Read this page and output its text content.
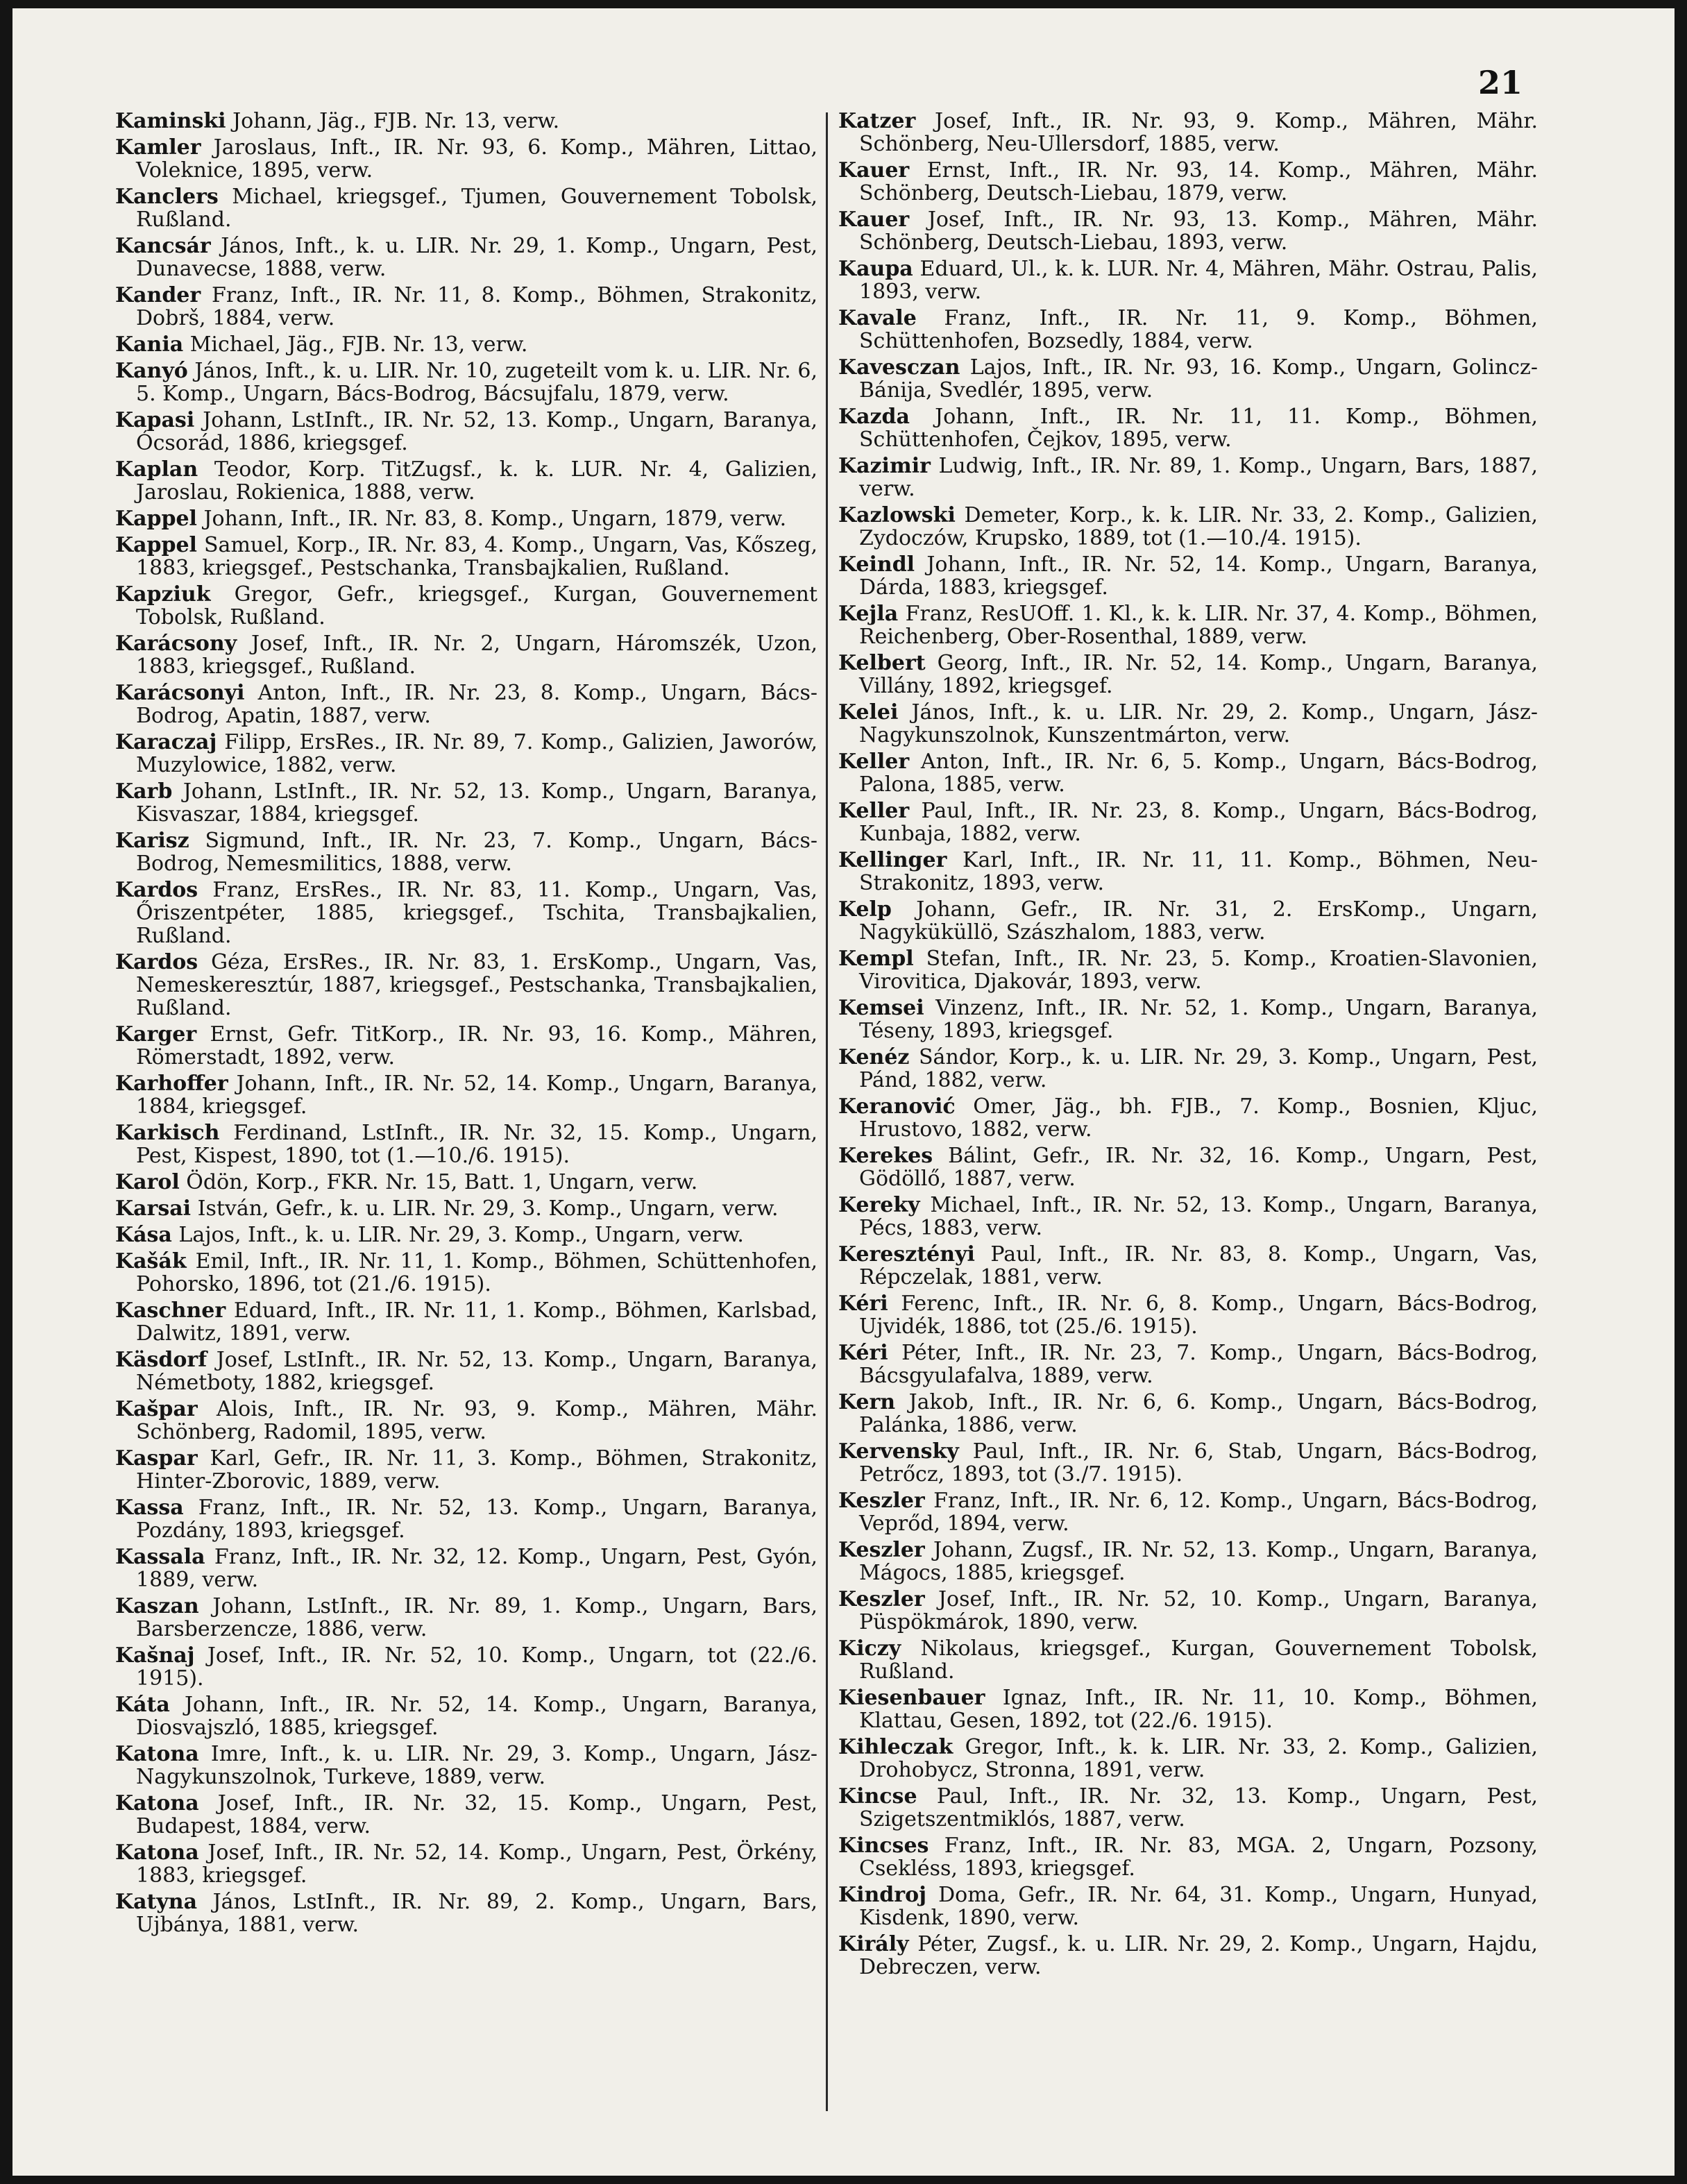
21

Kaminski Johann, Jäg., FJB. Nr. 13, verw.

Kamler Jaroslaus, Inft., IR. Nr. 93, 6. Komp., Mähren, Littao, Voleknice, 1895, verw.

Kanclers Michael, kriegsgef., Tjumen, Gouvernement Tobolsk, Rußland.

Kancsár János, Inft., k. u. LIR. Nr. 29, 1. Komp., Ungarn, Pest, Dunavecse, 1888, verw.

Kander Franz, Inft., IR. Nr. 11, 8. Komp., Böhmen, Strakonitz, Dobrš, 1884, verw.

Kania Michael, Jäg., FJB. Nr. 13, verw.

Kanyó János, Inft., k. u. LIR. Nr. 10, zugeteilt vom k. u. LIR. Nr. 6, 5. Komp., Ungarn, Bács-Bodrog, Bácsujfalu, 1879, verw.

Kapasi Johann, LstInft., IR. Nr. 52, 13. Komp., Ungarn, Baranya, Ócsorád, 1886, kriegsgef.

Kaplan Teodor, Korp. TitZugsf., k. k. LUR. Nr. 4, Galizien, Jaroslau, Rokienica, 1888, verw.

Kappel Johann, Inft., IR. Nr. 83, 8. Komp., Ungarn, 1879, verw.

Kappel Samuel, Korp., IR. Nr. 83, 4. Komp., Ungarn, Vas, Kőszeg, 1883, kriegsgef., Pestschanka, Transbajkalien, Rußland.

Kapziuk Gregor, Gefr., kriegsgef., Kurgan, Gouvernement Tobolsk, Rußland.

Karácsony Josef, Inft., IR. Nr. 2, Ungarn, Háromszék, Uzon, 1883, kriegsgef., Rußland.

Karácsonyi Anton, Inft., IR. Nr. 23, 8. Komp., Ungarn, Bács-Bodrog, Apatin, 1887, verw.

Karaczaj Filipp, ErsRes., IR. Nr. 89, 7. Komp., Galizien, Jaworów, Muzylowice, 1882, verw.

Karb Johann, LstInft., IR. Nr. 52, 13. Komp., Ungarn, Baranya, Kisvaszar, 1884, kriegsgef.

Karisz Sigmund, Inft., IR. Nr. 23, 7. Komp., Ungarn, Bács-Bodrog, Nemesmilitics, 1888, verw.

Kardos Franz, ErsRes., IR. Nr. 83, 11. Komp., Ungarn, Vas, Őriszentpéter, 1885, kriegsgef., Tschita, Transbajkalien, Rußland.

Kardos Géza, ErsRes., IR. Nr. 83, 1. ErsKomp., Ungarn, Vas, Nemeskeresztúr, 1887, kriegsgef., Pestschanka, Transbajkalien, Rußland.

Karger Ernst, Gefr. TitKorp., IR. Nr. 93, 16. Komp., Mähren, Römerstadt, 1892, verw.

Karhoffer Johann, Inft., IR. Nr. 52, 14. Komp., Ungarn, Baranya, 1884, kriegsgef.

Karkisch Ferdinand, LstInft., IR. Nr. 32, 15. Komp., Ungarn, Pest, Kispest, 1890, tot (1.—10./6. 1915).

Karol Ödön, Korp., FKR. Nr. 15, Batt. 1, Ungarn, verw.

Karsai István, Gefr., k. u. LIR. Nr. 29, 3. Komp., Ungarn, verw.

Kása Lajos, Inft., k. u. LIR. Nr. 29, 3. Komp., Ungarn, verw.

Kašák Emil, Inft., IR. Nr. 11, 1. Komp., Böhmen, Schüttenhofen, Pohorsko, 1896, tot (21./6. 1915).

Kaschner Eduard, Inft., IR. Nr. 11, 1. Komp., Böhmen, Karlsbad, Dalwitz, 1891, verw.

Käsdorf Josef, LstInft., IR. Nr. 52, 13. Komp., Ungarn, Baranya, Németboty, 1882, kriegsgef.

Kašpar Alois, Inft., IR. Nr. 93, 9. Komp., Mähren, Mähr. Schönberg, Radomil, 1895, verw.

Kaspar Karl, Gefr., IR. Nr. 11, 3. Komp., Böhmen, Strakonitz, Hinter-Zborovic, 1889, verw.

Kassa Franz, Inft., IR. Nr. 52, 13. Komp., Ungarn, Baranya, Pozdány, 1893, kriegsgef.

Kassala Franz, Inft., IR. Nr. 32, 12. Komp., Ungarn, Pest, Gyón, 1889, verw.

Kaszan Johann, LstInft., IR. Nr. 89, 1. Komp., Ungarn, Bars, Barsberzencze, 1886, verw.

Kašnaj Josef, Inft., IR. Nr. 52, 10. Komp., Ungarn, tot (22./6. 1915).

Káta Johann, Inft., IR. Nr. 52, 14. Komp., Ungarn, Baranya, Diosvajszló, 1885, kriegsgef.

Katona Imre, Inft., k. u. LIR. Nr. 29, 3. Komp., Ungarn, Jász-Nagykunszolnok, Turkeve, 1889, verw.

Katona Josef, Inft., IR. Nr. 32, 15. Komp., Ungarn, Pest, Budapest, 1884, verw.

Katona Josef, Inft., IR. Nr. 52, 14. Komp., Ungarn, Pest, Örkény, 1883, kriegsgef.

Katyna János, LstInft., IR. Nr. 89, 2. Komp., Ungarn, Bars, Ujbánya, 1881, verw.

Katzer Josef, Inft., IR. Nr. 93, 9. Komp., Mähren, Mähr. Schönberg, Neu-Ullersdorf, 1885, verw.

Kauer Ernst, Inft., IR. Nr. 93, 14. Komp., Mähren, Mähr. Schönberg, Deutsch-Liebau, 1879, verw.

Kauer Josef, Inft., IR. Nr. 93, 13. Komp., Mähren, Mähr. Schönberg, Deutsch-Liebau, 1893, verw.

Kaupa Eduard, Ul., k. k. LUR. Nr. 4, Mähren, Mähr. Ostrau, Palis, 1893, verw.

Kavale Franz, Inft., IR. Nr. 11, 9. Komp., Böhmen, Schüttenhofen, Bozsedly, 1884, verw.

Kavesczan Lajos, Inft., IR. Nr. 93, 16. Komp., Ungarn, Golincz-Bánija, Svedlér, 1895, verw.

Kazda Johann, Inft., IR. Nr. 11, 11. Komp., Böhmen, Schüttenhofen, Čejkov, 1895, verw.

Kazimir Ludwig, Inft., IR. Nr. 89, 1. Komp., Ungarn, Bars, 1887, verw.

Kazlowski Demeter, Korp., k. k. LIR. Nr. 33, 2. Komp., Galizien, Zydoczów, Krupsko, 1889, tot (1.—10./4. 1915).

Keindl Johann, Inft., IR. Nr. 52, 14. Komp., Ungarn, Baranya, Dárda, 1883, kriegsgef.

Kejla Franz, ResUOff. 1. Kl., k. k. LIR. Nr. 37, 4. Komp., Böhmen, Reichenberg, Ober-Rosenthal, 1889, verw.

Kelbert Georg, Inft., IR. Nr. 52, 14. Komp., Ungarn, Baranya, Villány, 1892, kriegsgef.

Kelei János, Inft., k. u. LIR. Nr. 29, 2. Komp., Ungarn, Jász-Nagykunszolnok, Kunszentmárton, verw.

Keller Anton, Inft., IR. Nr. 6, 5. Komp., Ungarn, Bács-Bodrog, Palona, 1885, verw.

Keller Paul, Inft., IR. Nr. 23, 8. Komp., Ungarn, Bács-Bodrog, Kunbaja, 1882, verw.

Kellinger Karl, Inft., IR. Nr. 11, 11. Komp., Böhmen, Neu-Strakonitz, 1893, verw.

Kelp Johann, Gefr., IR. Nr. 31, 2. ErsKomp., Ungarn, Nagyküküllö, Szászhalom, 1883, verw.

Kempl Stefan, Inft., IR. Nr. 23, 5. Komp., Kroatien-Slavonien, Virovitica, Djakovár, 1893, verw.

Kemsei Vinzenz, Inft., IR. Nr. 52, 1. Komp., Ungarn, Baranya, Téseny, 1893, kriegsgef.

Kenéz Sándor, Korp., k. u. LIR. Nr. 29, 3. Komp., Ungarn, Pest, Pánd, 1882, verw.

Keranović Omer, Jäg., bh. FJB., 7. Komp., Bosnien, Kljuc, Hrustovo, 1882, verw.

Kerekes Bálint, Gefr., IR. Nr. 32, 16. Komp., Ungarn, Pest, Gödöllő, 1887, verw.

Kereky Michael, Inft., IR. Nr. 52, 13. Komp., Ungarn, Baranya, Pécs, 1883, verw.

Keresztényi Paul, Inft., IR. Nr. 83, 8. Komp., Ungarn, Vas, Répczelak, 1881, verw.

Kéri Ferenc, Inft., IR. Nr. 6, 8. Komp., Ungarn, Bács-Bodrog, Ujvidék, 1886, tot (25./6. 1915).

Kéri Péter, Inft., IR. Nr. 23, 7. Komp., Ungarn, Bács-Bodrog, Bácsgyulafalva, 1889, verw.

Kern Jakob, Inft., IR. Nr. 6, 6. Komp., Ungarn, Bács-Bodrog, Palánka, 1886, verw.

Kervensky Paul, Inft., IR. Nr. 6, Stab, Ungarn, Bács-Bodrog, Petrőcz, 1893, tot (3./7. 1915).

Keszler Franz, Inft., IR. Nr. 6, 12. Komp., Ungarn, Bács-Bodrog, Veprőd, 1894, verw.

Keszler Johann, Zugsf., IR. Nr. 52, 13. Komp., Ungarn, Baranya, Mágocs, 1885, kriegsgef.

Keszler Josef, Inft., IR. Nr. 52, 10. Komp., Ungarn, Baranya, Püspökmárok, 1890, verw.

Kiczy Nikolaus, kriegsgef., Kurgan, Gouvernement Tobolsk, Rußland.

Kiesenbauer Ignaz, Inft., IR. Nr. 11, 10. Komp., Böhmen, Klattau, Gesen, 1892, tot (22./6. 1915).

Kihleczak Gregor, Inft., k. k. LIR. Nr. 33, 2. Komp., Galizien, Drohobycz, Stronna, 1891, verw.

Kincse Paul, Inft., IR. Nr. 32, 13. Komp., Ungarn, Pest, Szigetszentmiklós, 1887, verw.

Kincses Franz, Inft., IR. Nr. 83, MGA. 2, Ungarn, Pozsony, Csekléss, 1893, kriegsgef.

Kindroj Doma, Gefr., IR. Nr. 64, 31. Komp., Ungarn, Hunyad, Kisdenk, 1890, verw.

Király Péter, Zugsf., k. u. LIR. Nr. 29, 2. Komp., Ungarn, Hajdu, Debreczen, verw.
